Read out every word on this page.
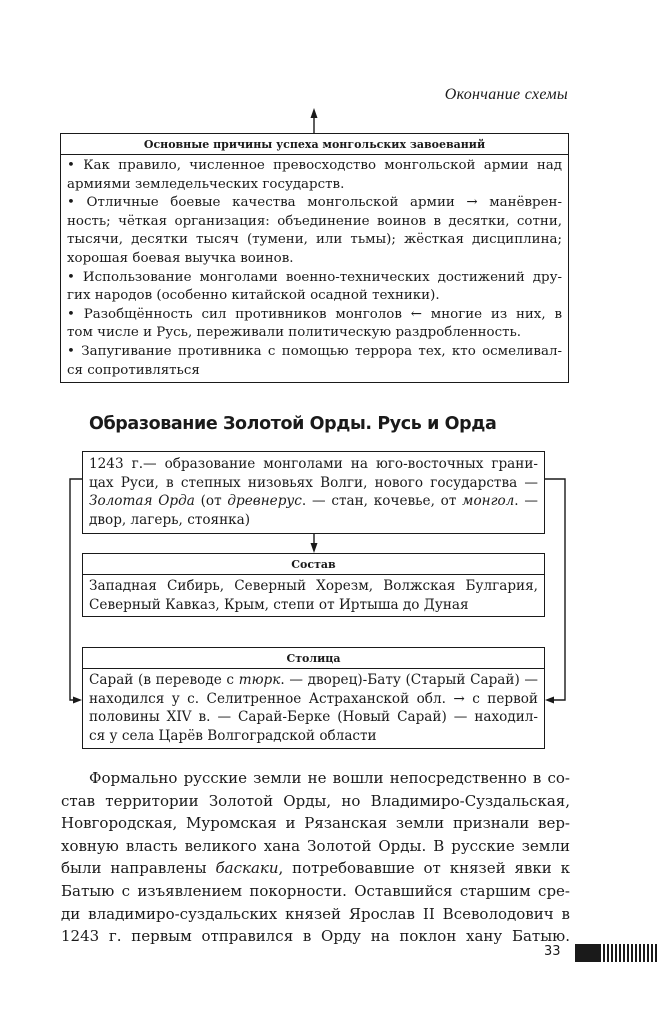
Окончание схемы
Основные причины успеха монгольских завоеваний
• Как правило, численное превосходство монгольской армии над
армиями земледельческих государств.
• Отличные боевые качества монгольской армии → манёврен-
ность; чёткая организация: объединение воинов в десятки, сотни,
тысячи, десятки тысяч (тумени, или тьмы); жёсткая дисциплина;
хорошая боевая выучка воинов.
• Использование монголами военно-технических достижений дру-
гих народов (особенно китайской осадной техники).
• Разобщённость сил противников монголов ← многие из них, в
том числе и Русь, переживали политическую раздробленность.
• Запугивание противника с помощью террора тех, кто осмеливал-
ся сопротивляться
Образование Золотой Орды. Русь и Орда
1243 г.— образование монголами на юго-восточных грани-
цах Руси, в степных низовьях Волги, нового государства —
Золотая Орда (от древнерус. — стан, кочевье, от монгол. —
двор, лагерь, стоянка)
Состав
Западная Сибирь, Северный Хорезм, Волжская Булгария,
Северный Кавказ, Крым, степи от Иртыша до Дуная
Столица
Сарай (в переводе с тюрк. — дворец)-Бату (Старый Сарай) —
находился у с. Селитренное Астраханской обл. → с первой
половины XIV в. — Сарай-Берке (Новый Сарай) — находил-
ся у села Царёв Волгоградской области
Формально русские земли не вошли непосредственно в со-
став территории Золотой Орды, но Владимиро-Суздальская,
Новгородская, Муромская и Рязанская земли признали вер-
ховную власть великого хана Золотой Орды. В русские земли
были направлены баскаки, потребовавшие от князей явки к
Батыю с изъявлением покорности. Оставшийся старшим сре-
ди владимиро-суздальских князей Ярослав II Всеволодович в
1243 г. первым отправился в Орду на поклон хану Батыю.
33
